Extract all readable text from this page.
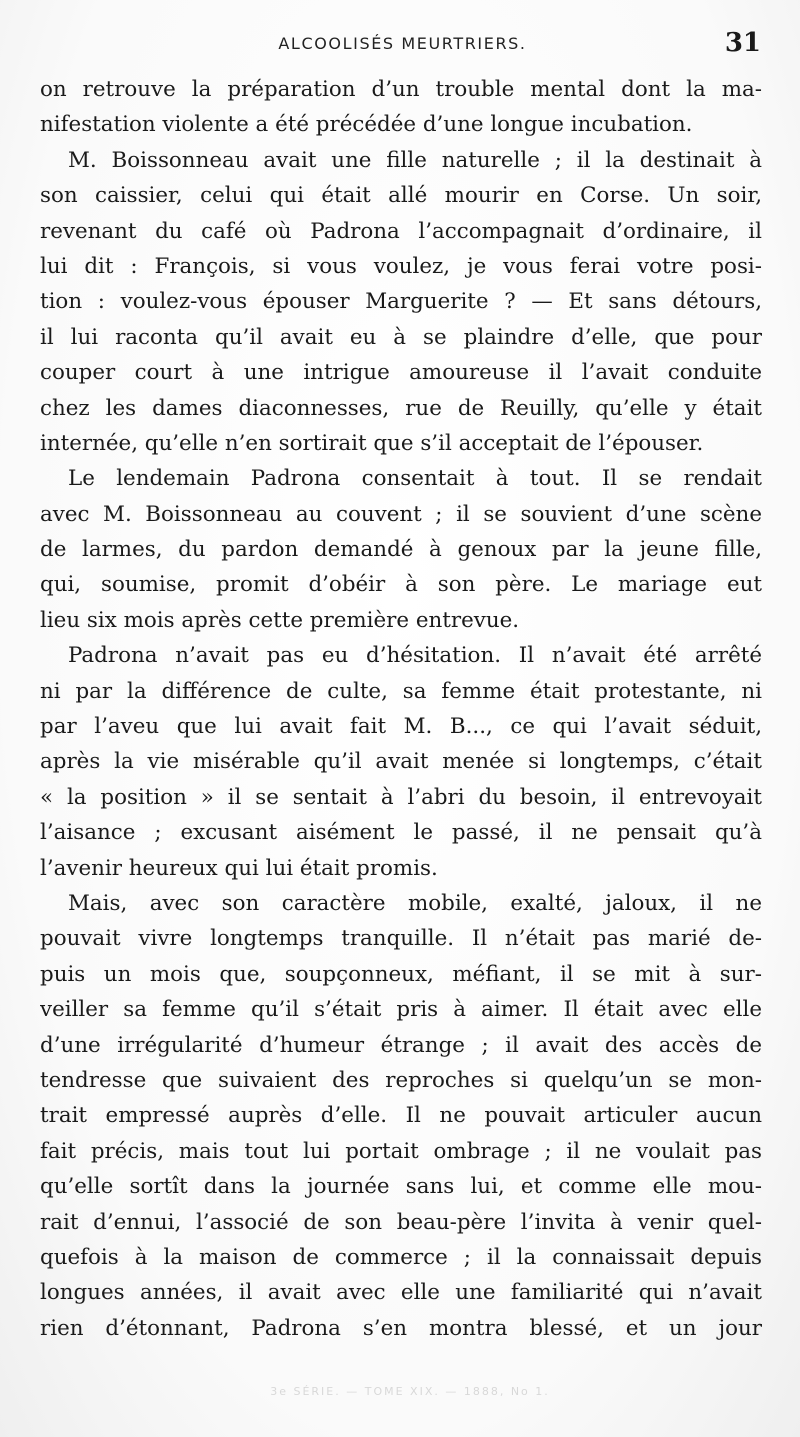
ALCOOLISÉS MEURTRIERS.	31
on retrouve la préparation d’un trouble mental dont la ma-
nifestation violente a été précédée d’une longue incubation.
M. Boissonneau avait une fille naturelle ; il la destinait à
son caissier, celui qui était allé mourir en Corse. Un soir,
revenant du café où Padrona l’accompagnait d’ordinaire, il
lui dit : François, si vous voulez, je vous ferai votre posi-
tion : voulez-vous épouser Marguerite ? — Et sans détours,
il lui raconta qu’il avait eu à se plaindre d’elle, que pour
couper court à une intrigue amoureuse il l’avait conduite
chez les dames diaconnesses, rue de Reuilly, qu’elle y était
internée, qu’elle n’en sortirait que s’il acceptait de l’épouser.
Le lendemain Padrona consentait à tout. Il se rendait
avec M. Boissonneau au couvent ; il se souvient d’une scène
de larmes, du pardon demandé à genoux par la jeune fille,
qui, soumise, promit d’obéir à son père. Le mariage eut
lieu six mois après cette première entrevue.
Padrona n’avait pas eu d’hésitation. Il n’avait été arrêté
ni par la différence de culte, sa femme était protestante, ni
par l’aveu que lui avait fait M. B..., ce qui l’avait séduit,
après la vie misérable qu’il avait menée si longtemps, c’était
« la position » il se sentait à l’abri du besoin, il entrevoyait
l’aisance ; excusant aisément le passé, il ne pensait qu’à
l’avenir heureux qui lui était promis.
Mais, avec son caractère mobile, exalté, jaloux, il ne
pouvait vivre longtemps tranquille. Il n’était pas marié de-
puis un mois que, soupçonneux, méfiant, il se mit à sur-
veiller sa femme qu’il s’était pris à aimer. Il était avec elle
d’une irrégularité d’humeur étrange ; il avait des accès de
tendresse que suivaient des reproches si quelqu’un se mon-
trait empressé auprès d’elle. Il ne pouvait articuler aucun
fait précis, mais tout lui portait ombrage ; il ne voulait pas
qu’elle sortît dans la journée sans lui, et comme elle mou-
rait d’ennui, l’associé de son beau-père l’invita à venir quel-
quefois à la maison de commerce ; il la connaissait depuis
longues années, il avait avec elle une familiarité qui n’avait
rien d’étonnant, Padrona s’en montra blessé, et un jour
3e SÉRIE. — TOME XIX. — 1888, No 1.
